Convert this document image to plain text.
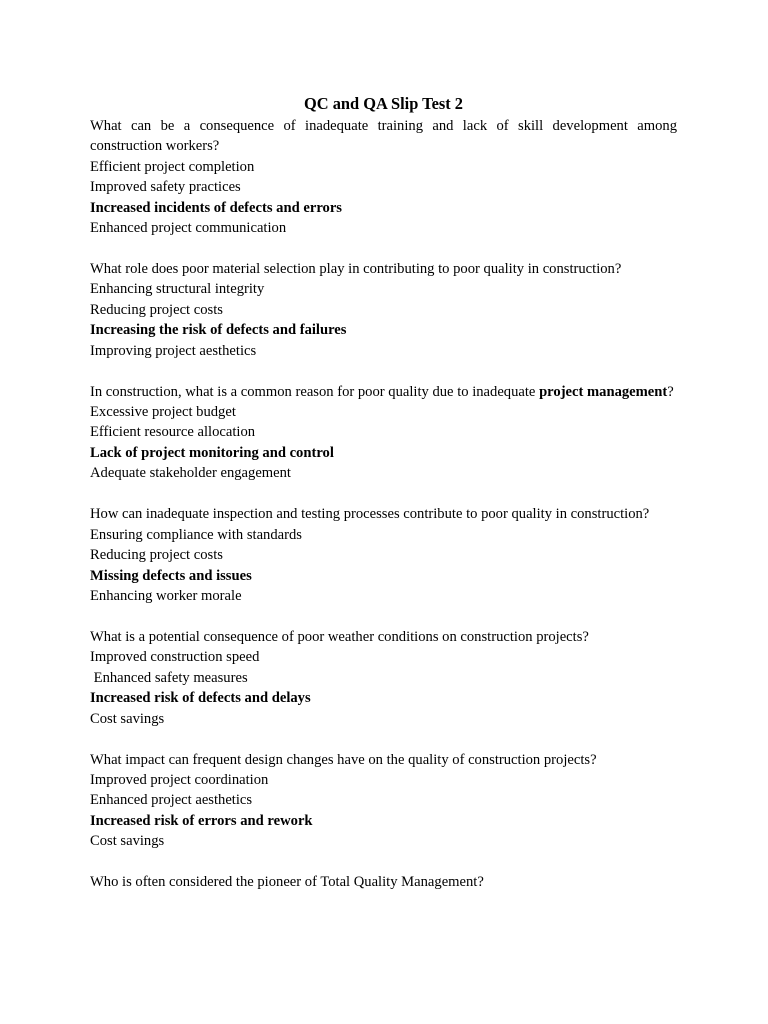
QC and QA Slip Test 2
What can be a consequence of inadequate training and lack of skill development among construction workers?
Efficient project completion
Improved safety practices
Increased incidents of defects and errors
Enhanced project communication
What role does poor material selection play in contributing to poor quality in construction?
Enhancing structural integrity
Reducing project costs
Increasing the risk of defects and failures
Improving project aesthetics
In construction, what is a common reason for poor quality due to inadequate project management?
Excessive project budget
Efficient resource allocation
Lack of project monitoring and control
Adequate stakeholder engagement
How can inadequate inspection and testing processes contribute to poor quality in construction?
Ensuring compliance with standards
Reducing project costs
Missing defects and issues
Enhancing worker morale
What is a potential consequence of poor weather conditions on construction projects?
Improved construction speed
Enhanced safety measures
Increased risk of defects and delays
Cost savings
What impact can frequent design changes have on the quality of construction projects?
Improved project coordination
Enhanced project aesthetics
Increased risk of errors and rework
Cost savings
Who is often considered the pioneer of Total Quality Management?
